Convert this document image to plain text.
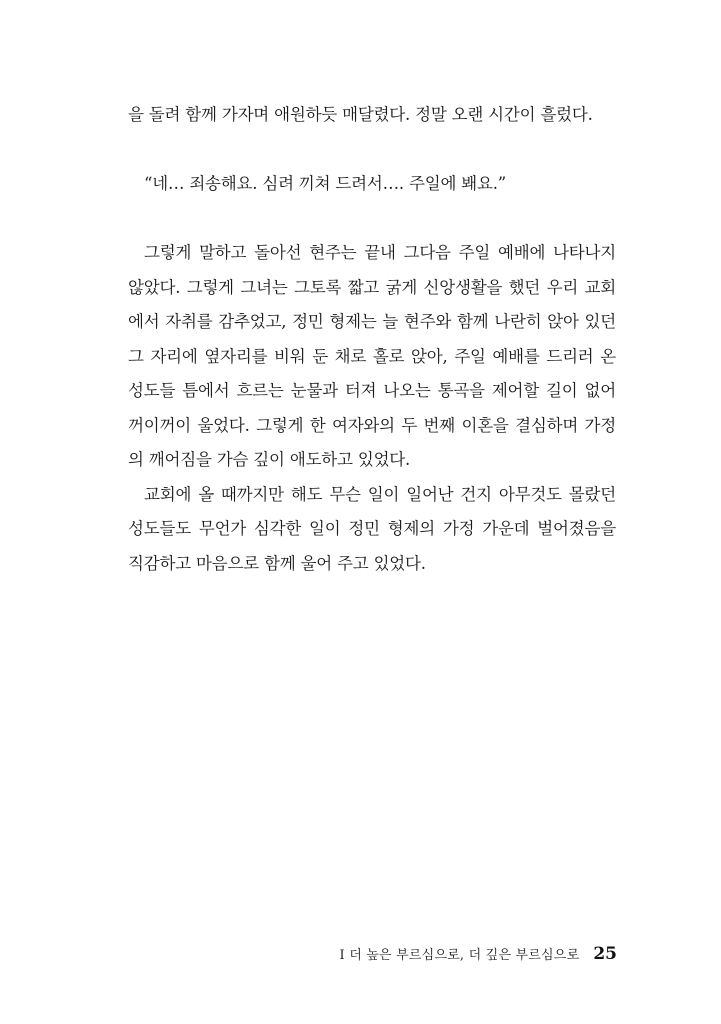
을 돌려 함께 가자며 애원하듯 매달렸다. 정말 오랜 시간이 흘렀다.
“네… 죄송해요. 심려 끼쳐 드려서…. 주일에 봬요.”
그렇게 말하고 돌아선 현주는 끝내 그다음 주일 예배에 나타나지
않았다. 그렇게 그녀는 그토록 짧고 굵게 신앙생활을 했던 우리 교회
에서 자취를 감추었고, 정민 형제는 늘 현주와 함께 나란히 앉아 있던
그 자리에 옆자리를 비워 둔 채로 홀로 앉아, 주일 예배를 드리러 온
성도들 틈에서 흐르는 눈물과 터져 나오는 통곡을 제어할 길이 없어
꺼이꺼이 울었다. 그렇게 한 여자와의 두 번째 이혼을 결심하며 가정
의 깨어짐을 가슴 깊이 애도하고 있었다.
교회에 올 때까지만 해도 무슨 일이 일어난 건지 아무것도 몰랐던
성도들도 무언가 심각한 일이 정민 형제의 가정 가운데 벌어졌음을
직감하고 마음으로 함께 울어 주고 있었다.
I 더 높은 부르심으로, 더 깊은 부르심으로 25
